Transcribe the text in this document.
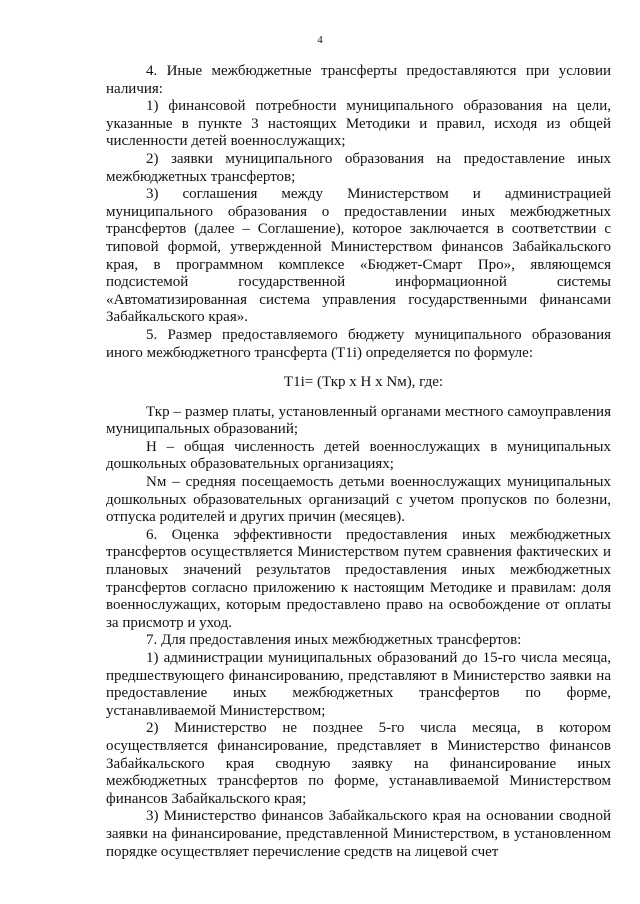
4

4. Иные межбюджетные трансферты предоставляются при условии наличия:

1) финансовой потребности муниципального образования на цели, указанные в пункте 3 настоящих Методики и правил, исходя из общей численности детей военнослужащих;

2) заявки муниципального образования на предоставление иных межбюджетных трансфертов;

3) соглашения между Министерством и администрацией муниципального образования о предоставлении иных межбюджетных трансфертов (далее – Соглашение), которое заключается в соответствии с типовой формой, утвержденной Министерством финансов Забайкальского края, в программном комплексе «Бюджет-Смарт Про», являющемся подсистемой государственной информационной системы «Автоматизированная система управления государственными финансами Забайкальского края».

5. Размер предоставляемого бюджету муниципального образования иного межбюджетного трансферта (Т1i) определяется по формуле:

Т1i= (Ткр х Н х Nм), где:

Ткр – размер платы, установленный органами местного самоуправления муниципальных образований;

Н – общая численность детей военнослужащих в муниципальных дошкольных образовательных организациях;

Nм – средняя посещаемость детьми военнослужащих муниципальных дошкольных образовательных организаций с учетом пропусков по болезни, отпуска родителей и других причин (месяцев).

6. Оценка эффективности предоставления иных межбюджетных трансфертов осуществляется Министерством путем сравнения фактических и плановых значений результатов предоставления иных межбюджетных трансфертов согласно приложению к настоящим Методике и правилам: доля военнослужащих, которым предоставлено право на освобождение от оплаты за присмотр и уход.

7. Для предоставления иных межбюджетных трансфертов:

1) администрации муниципальных образований до 15-го числа месяца, предшествующего финансированию, представляют в Министерство заявки на предоставление иных межбюджетных трансфертов по форме, устанавливаемой Министерством;

2) Министерство не позднее 5-го числа месяца, в котором осуществляется финансирование, представляет в Министерство финансов Забайкальского края сводную заявку на финансирование иных межбюджетных трансфертов по форме, устанавливаемой Министерством финансов Забайкальского края;

3) Министерство финансов Забайкальского края на основании сводной заявки на финансирование, представленной Министерством, в установленном порядке осуществляет перечисление средств на лицевой счет
